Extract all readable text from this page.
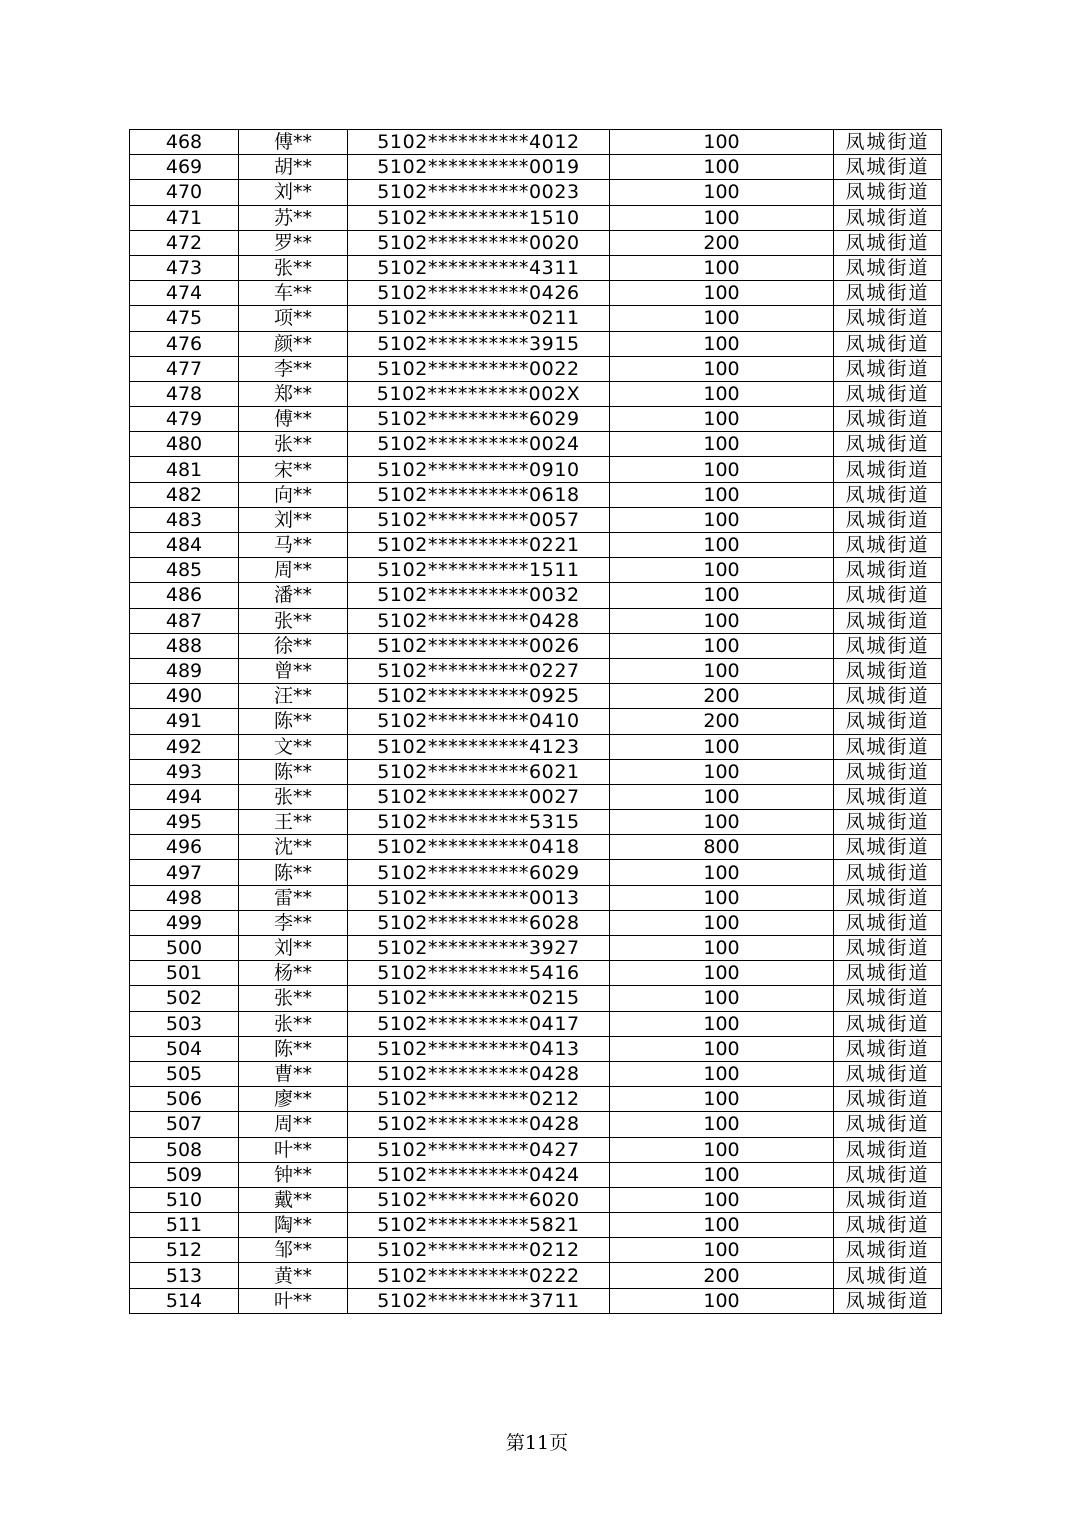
468	傅**	5102**********4012	100	凤城街道
469	胡**	5102**********0019	100	凤城街道
470	刘**	5102**********0023	100	凤城街道
471	苏**	5102**********1510	100	凤城街道
472	罗**	5102**********0020	200	凤城街道
473	张**	5102**********4311	100	凤城街道
474	车**	5102**********0426	100	凤城街道
475	项**	5102**********0211	100	凤城街道
476	颜**	5102**********3915	100	凤城街道
477	李**	5102**********0022	100	凤城街道
478	郑**	5102**********002X	100	凤城街道
479	傅**	5102**********6029	100	凤城街道
480	张**	5102**********0024	100	凤城街道
481	宋**	5102**********0910	100	凤城街道
482	向**	5102**********0618	100	凤城街道
483	刘**	5102**********0057	100	凤城街道
484	马**	5102**********0221	100	凤城街道
485	周**	5102**********1511	100	凤城街道
486	潘**	5102**********0032	100	凤城街道
487	张**	5102**********0428	100	凤城街道
488	徐**	5102**********0026	100	凤城街道
489	曾**	5102**********0227	100	凤城街道
490	汪**	5102**********0925	200	凤城街道
491	陈**	5102**********0410	200	凤城街道
492	文**	5102**********4123	100	凤城街道
493	陈**	5102**********6021	100	凤城街道
494	张**	5102**********0027	100	凤城街道
495	王**	5102**********5315	100	凤城街道
496	沈**	5102**********0418	800	凤城街道
497	陈**	5102**********6029	100	凤城街道
498	雷**	5102**********0013	100	凤城街道
499	李**	5102**********6028	100	凤城街道
500	刘**	5102**********3927	100	凤城街道
501	杨**	5102**********5416	100	凤城街道
502	张**	5102**********0215	100	凤城街道
503	张**	5102**********0417	100	凤城街道
504	陈**	5102**********0413	100	凤城街道
505	曹**	5102**********0428	100	凤城街道
506	廖**	5102**********0212	100	凤城街道
507	周**	5102**********0428	100	凤城街道
508	叶**	5102**********0427	100	凤城街道
509	钟**	5102**********0424	100	凤城街道
510	戴**	5102**********6020	100	凤城街道
511	陶**	5102**********5821	100	凤城街道
512	邹**	5102**********0212	100	凤城街道
513	黄**	5102**********0222	200	凤城街道
514	叶**	5102**********3711	100	凤城街道
第11页
